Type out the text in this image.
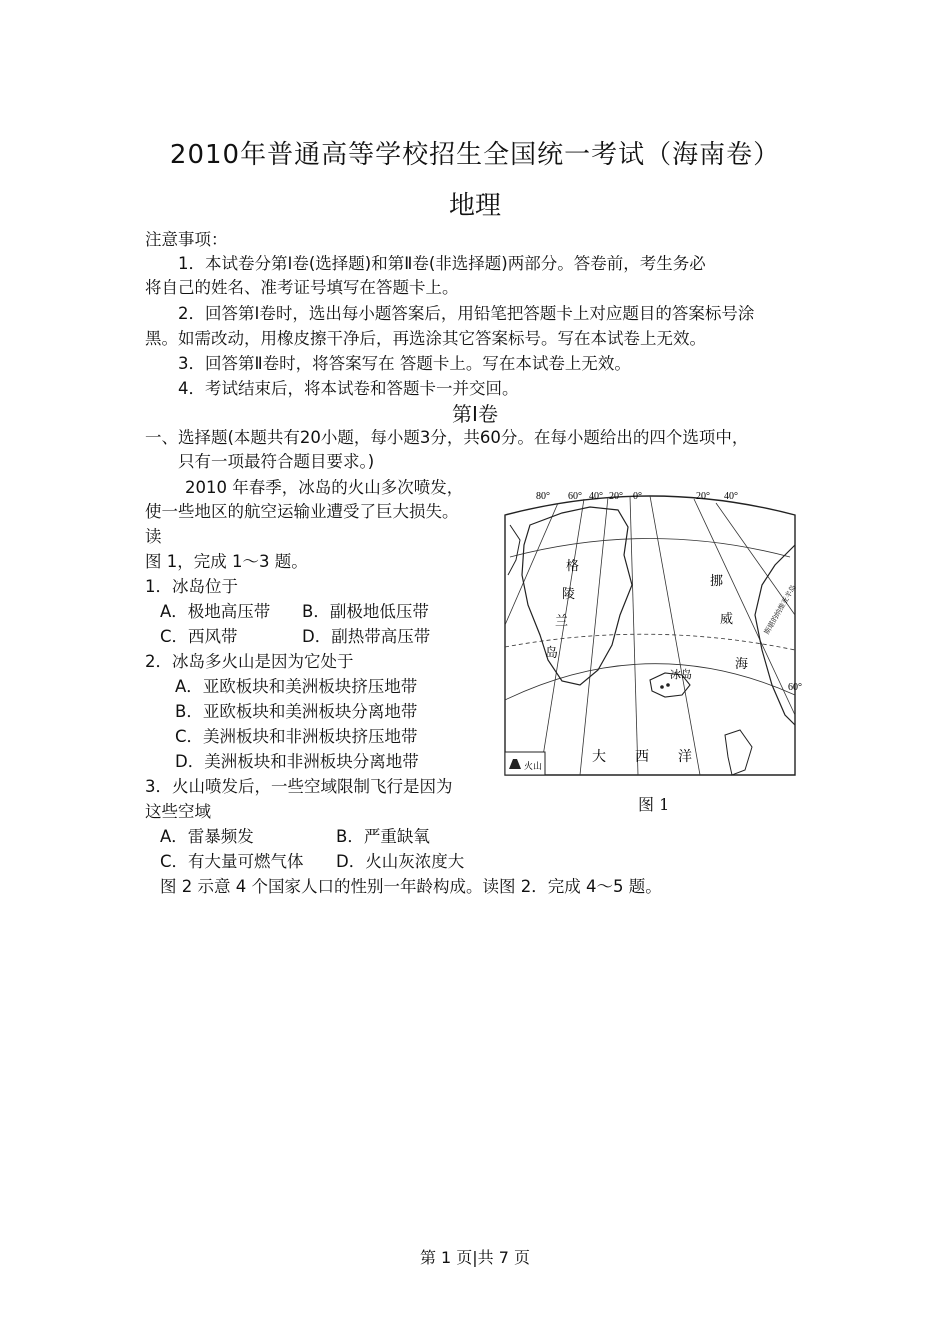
2010年普通高等学校招生全国统一考试（海南卷）
地理
注意事项：
1．本试卷分第Ⅰ卷(选择题)和第Ⅱ卷(非选择题)两部分。答卷前，考生务必
将自己的姓名、准考证号填写在答题卡上。
2．回答第Ⅰ卷时，选出每小题答案后，用铅笔把答题卡上对应题目的答案标号涂
黑。如需改动，用橡皮擦干净后，再选涂其它答案标号。写在本试卷上无效。
3．回答第Ⅱ卷时，将答案写在 答题卡上。写在本试卷上无效。
4．考试结束后，将本试卷和答题卡一并交回。
第Ⅰ卷
一、选择题(本题共有20小题，每小题3分，共60分。在每小题给出的四个选项中，
只有一项最符合题目要求。)
2010 年春季，冰岛的火山多次喷发，
使一些地区的航空运输业遭受了巨大损失。
读
图 1，完成 1～3 题。
1．冰岛位于
A．极地高压带 B．副极地低压带
C．西风带	D．副热带高压带
2．冰岛多火山是因为它处于
A．亚欧板块和美洲板块挤压地带
B．亚欧板块和美洲板块分离地带
C．美洲板块和非洲板块挤压地带
D．美洲板块和非洲板块分离地带
3．火山喷发后，一些空域限制飞行是因为
这些空域
A．雷暴频发	B．严重缺氧
C．有大量可燃气体 D．火山灰浓度大
图 2 示意 4 个国家人口的性别一年龄构成。读图 2．完成 4～5 题。
80° 60° 40° 20° 0°	20° 40°
冰岛
格
陵
兰
岛
挪
威
海
大 西 洋
60°
斯堪的纳维亚半岛
火山
图 1
第 1 页|共 7 页
